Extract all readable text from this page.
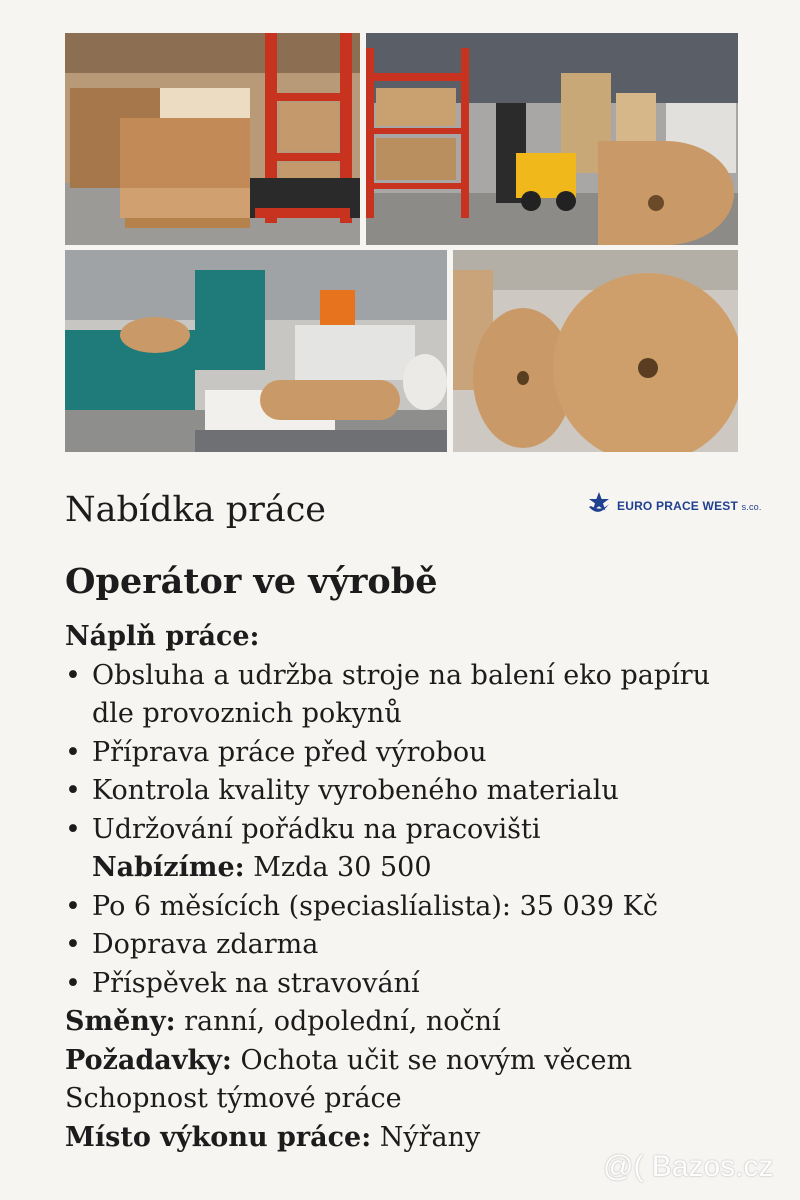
Nabídka práce	EURO PRACE WEST s.co.
Operátor ve výrobě
Náplň práce:
• Obsluha a udržba stroje na balení eko papíru
dle provoznich pokynů
• Příprava práce před výrobou
• Kontrola kvality vyrobeného materialu
• Udržování pořádku na pracovišti
Nabízíme: Mzda 30 500
• Po 6 měsících (speciaslíalista): 35 039 Kč
• Doprava zdarma
• Příspěvek na stravování
Směny: ranní, odpolední, noční
Požadavky: Ochota učit se novým věcem
Schopnost týmové práce
Místo výkonu práce: Nýřany
@( Bazos.cz
